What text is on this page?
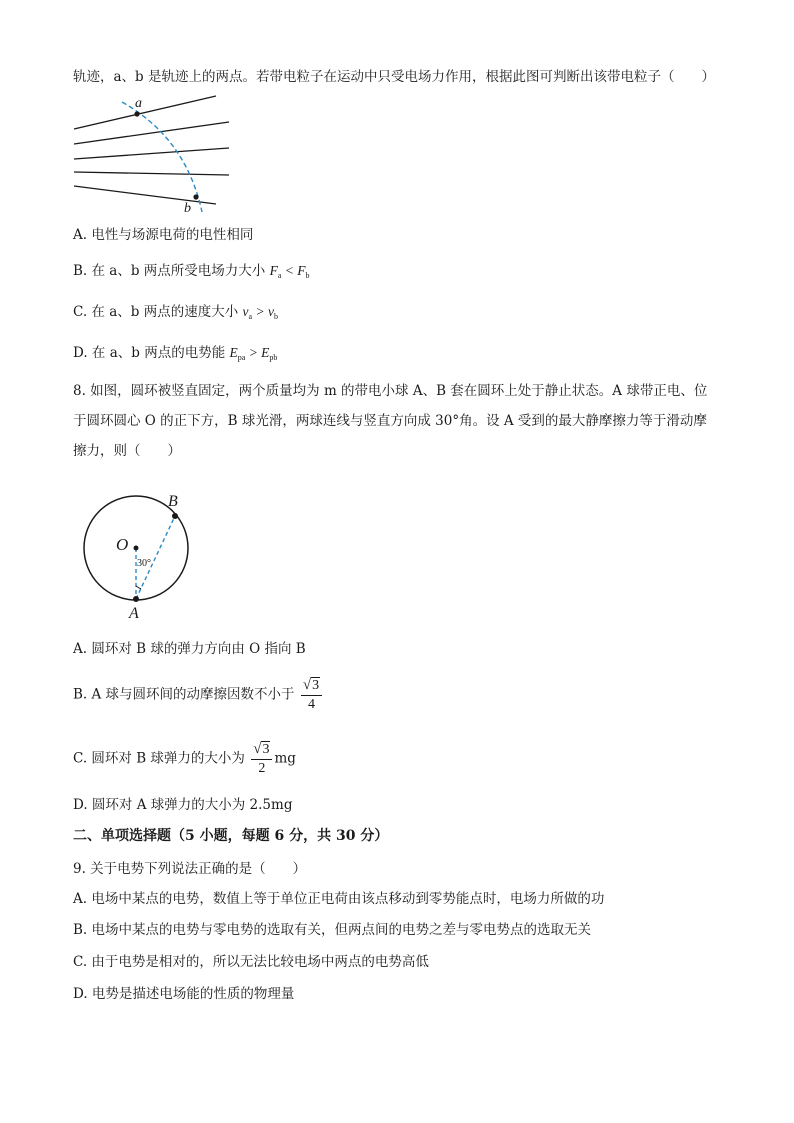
轨迹，a、b 是轨迹上的两点。若带电粒子在运动中只受电场力作用，根据此图可判断出该带电粒子（　　）
a
b
A. 电性与场源电荷的电性相同
B. 在 a、b 两点所受电场力大小 $F_a < F_b$
C. 在 a、b 两点的速度大小 $v_a > v_b$
D. 在 a、b 两点的电势能 $E_{pa} > E_{pb}$
8. 如图，圆环被竖直固定，两个质量均为 m 的带电小球 A、B 套在圆环上处于静止状态。A 球带正电、位
于圆环圆心 O 的正下方，B 球光滑，两球连线与竖直方向成 30°角。设 A 受到的最大静摩擦力等于滑动摩
擦力，则（　　）
O
B
A
30°
A. 圆环对 B 球的弹力方向由 O 指向 B
B. A 球与圆环间的动摩擦因数不小于 $\frac{√3}{4}$
C. 圆环对 B 球弹力的大小为 $\frac{√3}{2}$ mg
D. 圆环对 A 球弹力的大小为 2.5mg
二、单项选择题（5 小题，每题 6 分，共 30 分）
9. 关于电势下列说法正确的是（　　）
A. 电场中某点的电势，数值上等于单位正电荷由该点移动到零势能点时，电场力所做的功
B. 电场中某点的电势与零电势的选取有关，但两点间的电势之差与零电势点的选取无关
C. 由于电势是相对的，所以无法比较电场中两点的电势高低
D. 电势是描述电场能的性质的物理量
